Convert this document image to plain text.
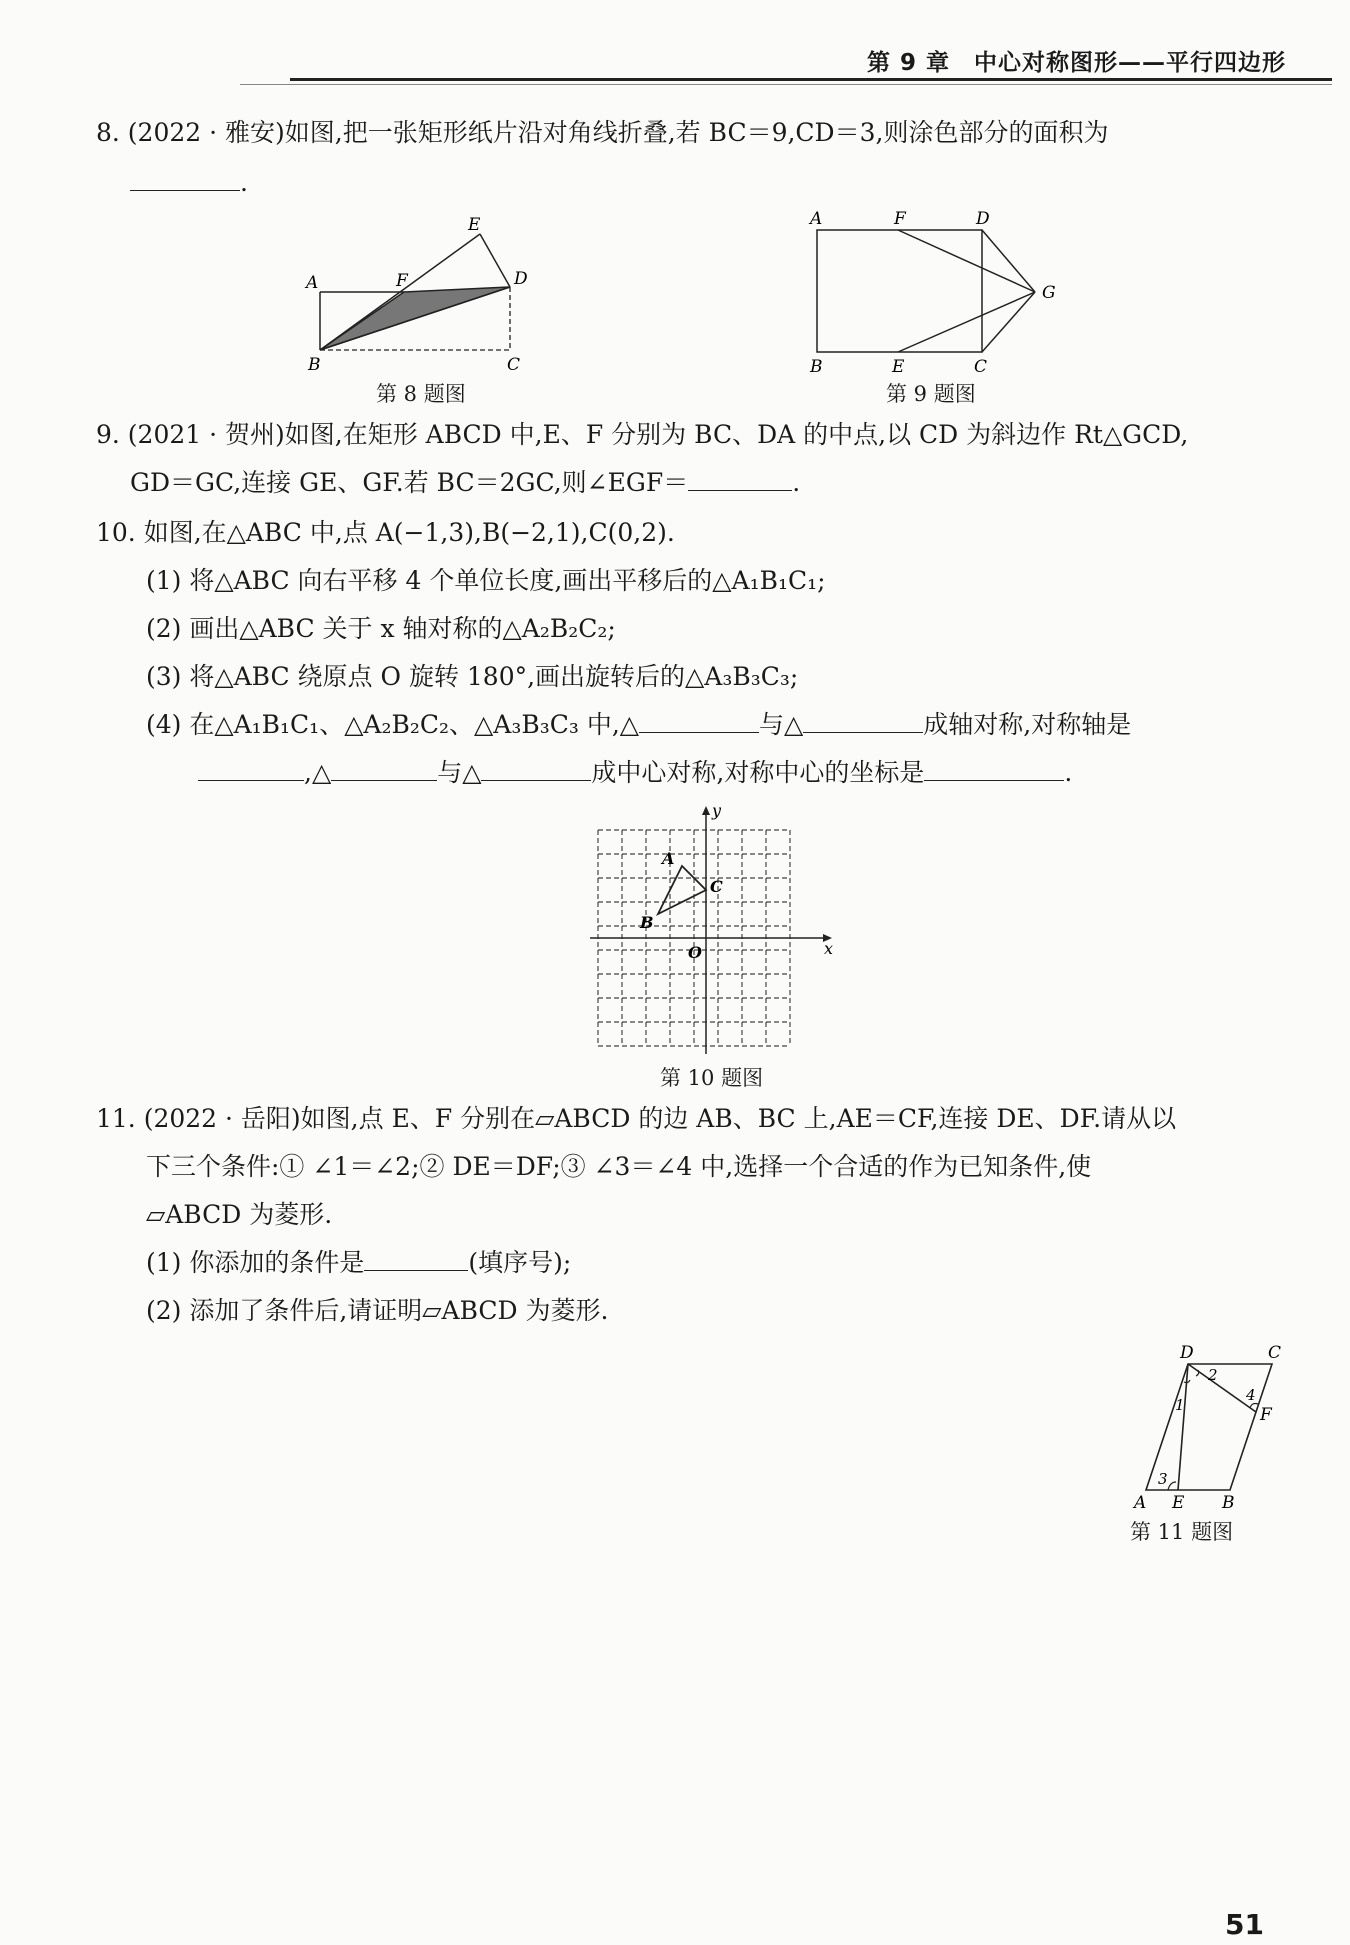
第 9 章　中心对称图形——平行四边形
8. (2022 · 雅安)如图,把一张矩形纸片沿对角线折叠,若 BC＝9,CD＝3,则涂色部分的面积为
.
A
B	C
D
E
F
第 8 题图
A
B	C
D
E
F
G
第 9 题图
9. (2021 · 贺州)如图,在矩形 ABCD 中,E、F 分别为 BC、DA 的中点,以 CD 为斜边作 Rt△GCD,
GD＝GC,连接 GE、GF.若 BC＝2GC,则∠EGF＝	.
10. 如图,在△ABC 中,点 A(−1,3),B(−2,1),C(0,2).
(1) 将△ABC 向右平移 4 个单位长度,画出平移后的△A₁B₁C₁;
(2) 画出△ABC 关于 x 轴对称的△A₂B₂C₂;
(3) 将△ABC 绕原点 O 旋转 180°,画出旋转后的△A₃B₃C₃;
(4) 在△A₁B₁C₁、△A₂B₂C₂、△A₃B₃C₃ 中,△	与△	成轴对称,对称轴是
,△	与△	成中心对称,对称中心的坐标是	.
A
B
C
O	x
y
第 10 题图
11. (2022 · 岳阳)如图,点 E、F 分别在▱ABCD 的边 AB、BC 上,AE＝CF,连接 DE、DF.请从以
下三个条件:① ∠1＝∠2;② DE＝DF;③ ∠3＝∠4 中,选择一个合适的作为已知条件,使
▱ABCD 为菱形.
(1) 你添加的条件是	(填序号);
(2) 添加了条件后,请证明▱ABCD 为菱形.
D	C
F
A E B
1
2
3
4
第 11 题图
51
